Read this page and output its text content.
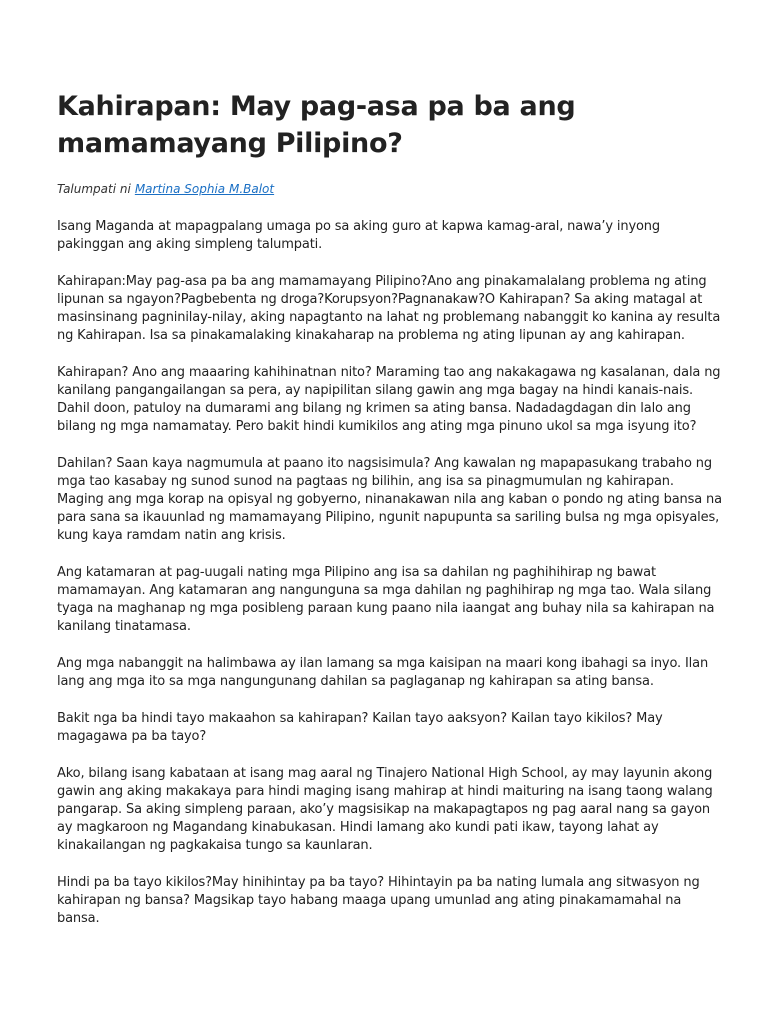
Kahirapan: May pag-asa pa ba ang mamamayang Pilipino?
Talumpati ni Martina Sophia M.Balot

Isang Maganda at mapagpalang umaga po sa aking guro at kapwa kamag-aral, nawa’y inyong pakinggan ang aking simpleng talumpati.

Kahirapan:May pag-asa pa ba ang mamamayang Pilipino?Ano ang pinakamalalang problema ng ating lipunan sa ngayon?Pagbebenta ng droga?Korupsyon?Pagnanakaw?O Kahirapan? Sa aking matagal at masinsinang pagninilay-nilay, aking napagtanto na lahat ng problemang nabanggit ko kanina ay resulta ng Kahirapan. Isa sa pinakamalaking kinakaharap na problema ng ating lipunan ay ang kahirapan.

Kahirapan? Ano ang maaaring kahihinatnan nito? Maraming tao ang nakakagawa ng kasalanan, dala ng kanilang pangangailangan sa pera, ay napipilitan silang gawin ang mga bagay na hindi kanais-nais. Dahil doon, patuloy na dumarami ang bilang ng krimen sa ating bansa. Nadadagdagan din lalo ang bilang ng mga namamatay. Pero bakit hindi kumikilos ang ating mga pinuno ukol sa mga isyung ito?

Dahilan? Saan kaya nagmumula at paano ito nagsisimula? Ang kawalan ng mapapasukang trabaho ng mga tao kasabay ng sunod sunod na pagtaas ng bilihin, ang isa sa pinagmumulan ng kahirapan. Maging ang mga korap na opisyal ng gobyerno, ninanakawan nila ang kaban o pondo ng ating bansa na para sana sa ikauunlad ng mamamayang Pilipino, ngunit napupunta sa sariling bulsa ng mga opisyales, kung kaya ramdam natin ang krisis.

Ang katamaran at pag-uugali nating mga Pilipino ang isa sa dahilan ng paghihihirap ng bawat mamamayan. Ang katamaran ang nangunguna sa mga dahilan ng paghihirap ng mga tao. Wala silang tyaga na maghanap ng mga posibleng paraan kung paano nila iaangat ang buhay nila sa kahirapan na kanilang tinatamasa.

Ang mga nabanggit na halimbawa ay ilan lamang sa mga kaisipan na maari kong ibahagi sa inyo. Ilan lang ang mga ito sa mga nangungunang dahilan sa paglaganap ng kahirapan sa ating bansa.

Bakit nga ba hindi tayo makaahon sa kahirapan? Kailan tayo aaksyon? Kailan tayo kikilos? May magagawa pa ba tayo?

Ako, bilang isang kabataan at isang mag aaral ng Tinajero National High School, ay may layunin akong gawin ang aking makakaya para hindi maging isang mahirap at hindi maituring na isang taong walang pangarap. Sa aking simpleng paraan, ako’y magsisikap na makapagtapos ng pag aaral nang sa gayon ay magkaroon ng Magandang kinabukasan. Hindi lamang ako kundi pati ikaw, tayong lahat ay kinakailangan ng pagkakaisa tungo sa kaunlaran.

Hindi pa ba tayo kikilos?May hinihintay pa ba tayo? Hihintayin pa ba nating lumala ang sitwasyon ng kahirapan ng bansa? Magsikap tayo habang maaga upang umunlad ang ating pinakamamahal na bansa.
